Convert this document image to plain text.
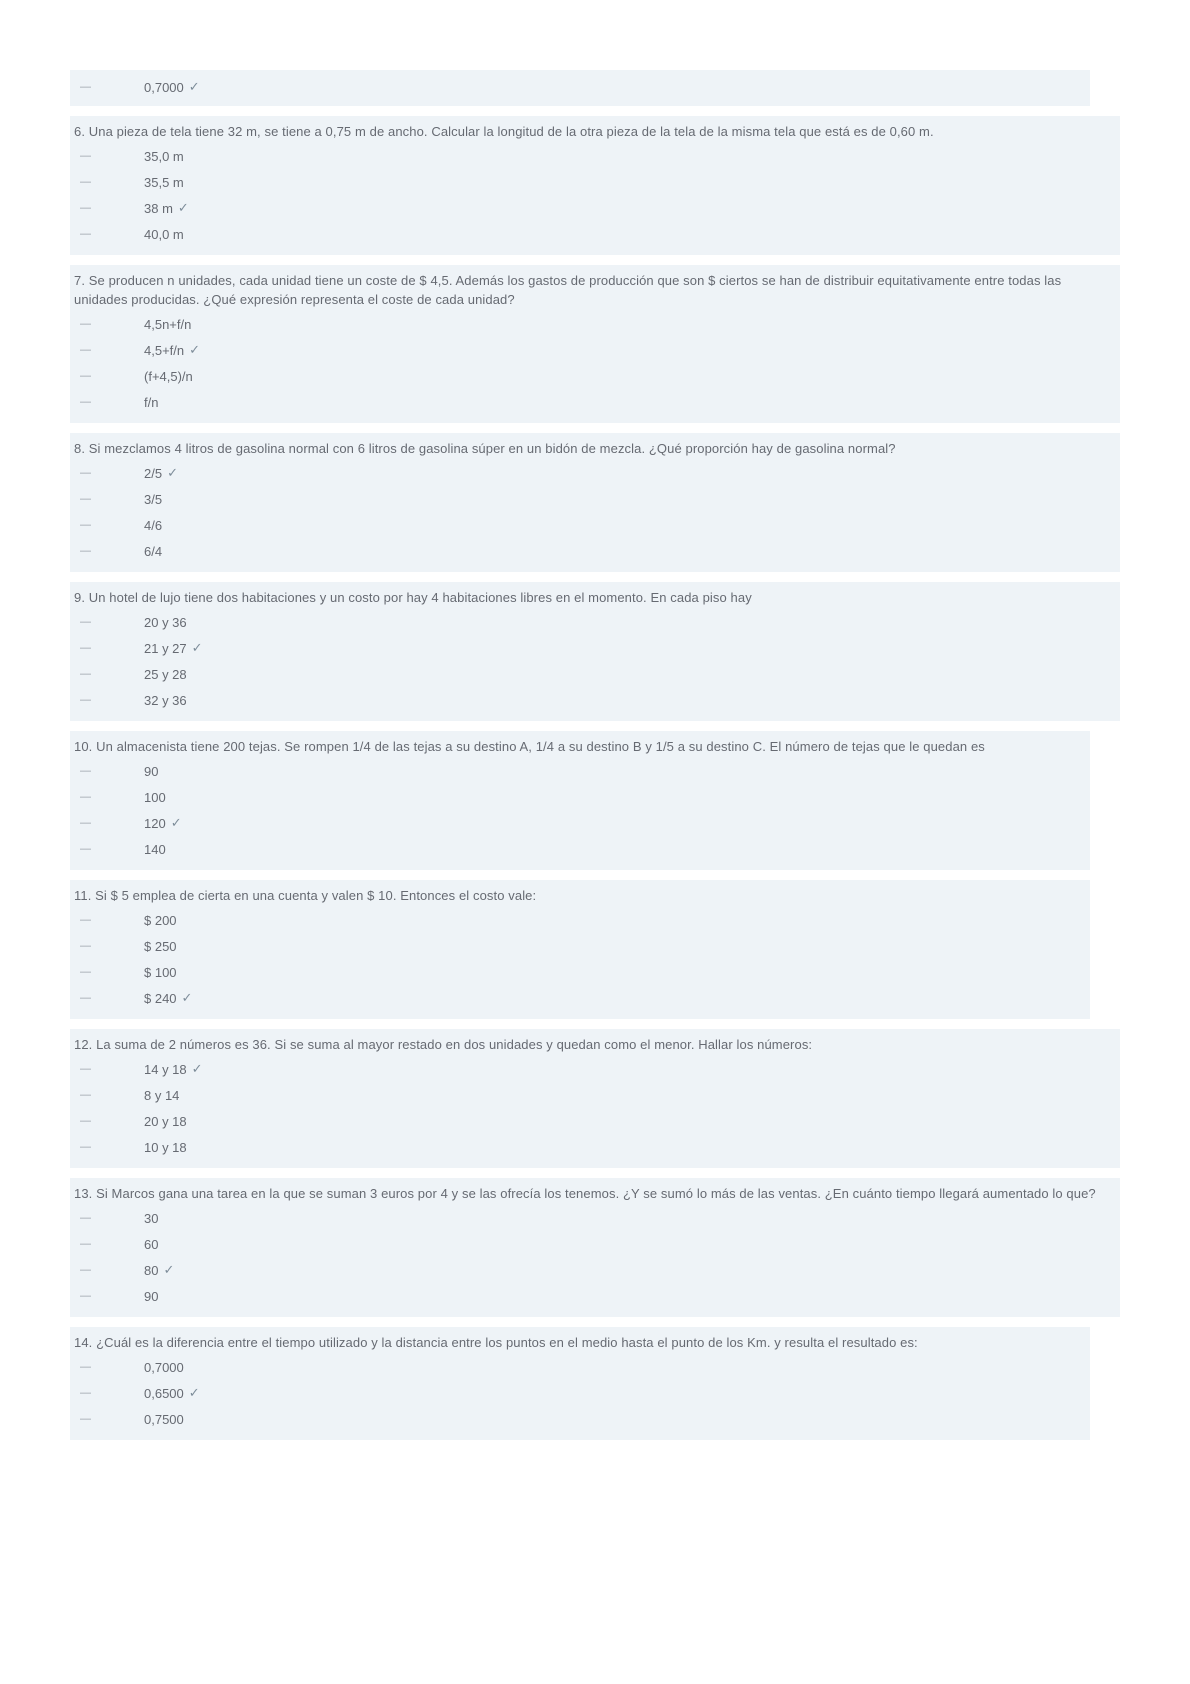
—	0,7000 ✓
6. Una pieza de tela tiene 32 m, se tiene a 0,75 m de ancho. Calcular la longitud de la otra pieza de la tela de la misma tela que está es de 0,60 m.
—	35,0 m
—	35,5 m
—	38 m ✓
—	40,0 m
7. Se producen n unidades, cada unidad tiene un coste de $ 4,5. Además los gastos de producción que son $ ciertos se han de distribuir equitativamente entre todas las unidades producidas. ¿Qué expresión representa el coste de cada unidad?
—	4,5n+f/n
—	4,5+f/n ✓
—	(f+4,5)/n
—	f/n
8. Si mezclamos 4 litros de gasolina normal con 6 litros de gasolina súper en un bidón de mezcla. ¿Qué proporción hay de gasolina normal?
—	2/5 ✓
—	3/5
—	4/6
—	6/4
9. Un hotel de lujo tiene dos habitaciones y un costo por hay 4 habitaciones libres en el momento. En cada piso hay
—	20 y 36
—	21 y 27 ✓
—	25 y 28
—	32 y 36
10. Un almacenista tiene 200 tejas. Se rompen 1/4 de las tejas a su destino A, 1/4 a su destino B y 1/5 a su destino C. El número de tejas que le quedan es
—	90
—	100
—	120 ✓
—	140
11. Si $ 5 emplea de cierta en una cuenta y valen $ 10. Entonces el costo vale:
—	$ 200
—	$ 250
—	$ 100
—	$ 240 ✓
12. La suma de 2 números es 36. Si se suma al mayor restado en dos unidades y quedan como el menor. Hallar los números:
—	14 y 18 ✓
—	8 y 14
—	20 y 18
—	10 y 18
13. Si Marcos gana una tarea en la que se suman 3 euros por 4 y se las ofrecía los tenemos. ¿Y se sumó lo más de las ventas. ¿En cuánto tiempo llegará aumentado lo que?
—	30
—	60
—	80 ✓
—	90
14. ¿Cuál es la diferencia entre el tiempo utilizado y la distancia entre los puntos en el medio hasta el punto de los Km. y resulta el resultado es:
—	0,7000
—	0,6500 ✓
—	0,7500
